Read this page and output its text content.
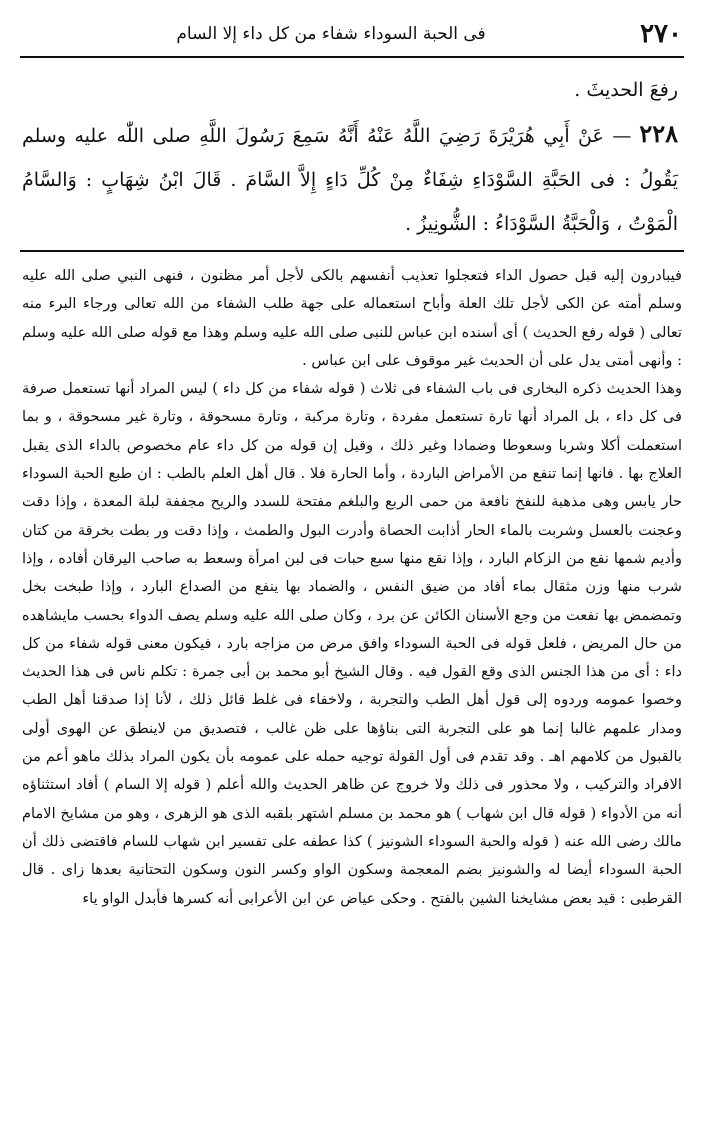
٢٧٠
فى الحبة السوداء شفاء من كل داء إلا السام

رفعَ الحديثَ .

٢٢٨— عَنْ أَبِي هُرَيْرَةَ رَضِيَ اللَّهُ عَنْهُ أَنَّهُ سَمِعَ رَسُولَ اللَّهِ صلى اللّٰه عليه وسلم يَقُولُ : فى الحَبَّةِ السَّوْدَاءِ شِفَاءٌ مِنْ كُلِّ دَاءٍ إِلاَّ السَّامَ . قَالَ ابْنُ شِهَابٍ : وَالسَّامُ الْمَوْتُ ، وَالْحَبَّةُ السَّوْدَاءُ : الشُّونِيزُ .

فيبادرون إليه قبل حصول الداء فتعجلوا تعذيب أنفسهم بالكى لأجل أمر مظنون ، فنهى النبي صلى الله عليه وسلم أمته عن الكى لأجل تلك العلة وأباح استعماله على جهة طلب الشفاء من الله تعالى ورجاء البرء منه تعالى ( قوله رفع الحديث ) أى أسنده ابن عباس للنبى صلى الله عليه وسلم وهذا مع قوله صلى الله عليه وسلم : وأنهى أمتى يدل على أن الحديث غير موقوف على ابن عباس .

وهذا الحديث ذكره البخارى فى باب الشفاء فى ثلاث ( قوله شفاء من كل داء ) ليس المراد أنها تستعمل صرفة فى كل داء ، بل المراد أنها تارة تستعمل مفردة ، وتارة مركبة ، وتارة مسحوقة ، وتارة غير مسحوقة ، و بما استعملت أكلا وشربا وسعوطا وضمادا وغير ذلك ، وقيل إن قوله من كل داء عام مخصوص بالداء الذى يقبل العلاج بها . فانها إنما تنفع من الأمراض الباردة ، وأما الحارة فلا . قال أهل العلم بالطب : ان طبع الحبة السوداء حار يابس وهى مذهبة للنفخ نافعة من حمى الربع والبلغم مفتحة للسدد والريح مجففة لبلة المعدة ، وإذا دقت وعجنت بالعسل وشربت بالماء الحار أذابت الحصاة وأدرت البول والطمث ، وإذا دقت ور بطت بخرقة من كتان وأديم شمها نفع من الزكام البارد ، وإذا نقع منها سبع حبات فى لبن امرأة وسعط به صاحب اليرقان أفاده ، وإذا شرب منها وزن مثقال بماء أفاد من ضيق النفس ، والضماد بها ينفع من الصداع البارد ، وإذا طبخت بخل وتمضمض بها نفعت من وجع الأسنان الكائن عن برد ، وكان صلى الله عليه وسلم يصف الدواء بحسب مايشاهده من حال المريض ، فلعل قوله فى الحبة السوداء وافق مرض من مزاجه بارد ، فيكون معنى قوله شفاء من كل داء : أى من هذا الجنس الذى وقع القول فيه . وقال الشيخ أبو محمد بن أبى جمرة : تكلم ناس فى هذا الحديث وخصوا عمومه وردوه إلى قول أهل الطب والتجربة ، ولاخفاء فى غلط قائل ذلك ، لأنا إذا صدقنا أهل الطب ومدار علمهم غالبا إنما هو على التجربة التى بناؤها على ظن غالب ، فتصديق من لاينطق عن الهوى أولى بالقبول من كلامهم اهـ . وقد تقدم فى أول القولة توجيه حمله على عمومه بأن يكون المراد بذلك ماهو أعم من الافراد والتركيب ، ولا محذور فى ذلك ولا خروج عن ظاهر الحديث والله أعلم ( قوله إلا السام ) أفاد استثناؤه أنه من الأدواء ( قوله قال ابن شهاب ) هو محمد بن مسلم اشتهر بلقبه الذى هو الزهرى ، وهو من مشايخ الامام مالك رضى الله عنه ( قوله والحبة السوداء الشونيز ) كذا عطفه على تفسير ابن شهاب للسام فاقتضى ذلك أن الحبة السوداء أيضا له والشونيز بضم المعجمة وسكون الواو وكسر النون وسكون التحتانية بعدها زاى . قال القرطبى : قيد بعض مشايخنا الشين بالفتح . وحكى عياض عن ابن الأعرابى أنه كسرها فأبدل الواو ياء
